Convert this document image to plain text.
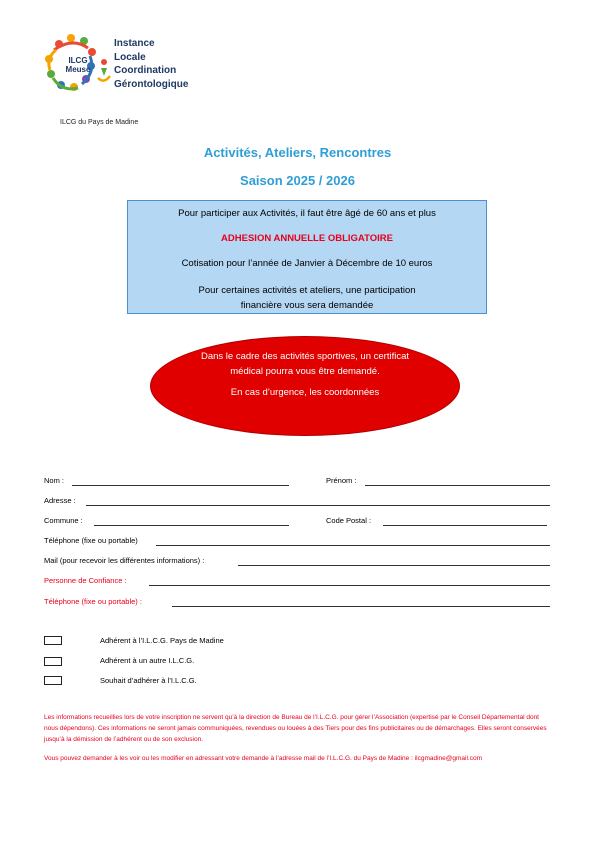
ILCG
Meuse
Instance
Locale
Coordination
Gérontologique
ILCG du Pays de Madine
Activités, Ateliers, Rencontres
Saison 2025 / 2026

Pour participer aux Activités, il faut être âgé de 60 ans et plus

ADHESION ANNUELLE OBLIGATOIRE

Cotisation pour l’année de Janvier à Décembre de 10 euros

Pour certaines activités et ateliers, une participation financière vous sera demandée

Dans le cadre des activités sportives, un certificat médical pourra vous être demandé.

En cas d’urgence, les coordonnées

Nom :	Prénom :
Adresse :
Commune :	Code Postal :
Téléphone (fixe ou portable)
Mail (pour recevoir les différentes informations) :
Personne de Confiance :
Téléphone (fixe ou portable) :
Adhérent à l’I.L.C.G. Pays de Madine
Adhérent à un autre I.L.C.G.
Souhait d’adhérer à l’I.L.C.G.
Les informations recueillies lors de votre inscription ne servent qu’à la direction de Bureau de l’I.L.C.G. pour gérer l’Association (expertisé par le Conseil Départemental dont nous dépendons). Ces informations ne seront jamais communiquées, revendues ou louées à des Tiers pour des fins publicitaires ou de démarchages. Elles seront conservées jusqu’à la démission de l’adhérent ou de son exclusion.
Vous pouvez demander à les voir ou les modifier en adressant votre demande à l’adresse mail de l’I.L.C.G. du Pays de Madine : ilcgmadine@gmail.com
